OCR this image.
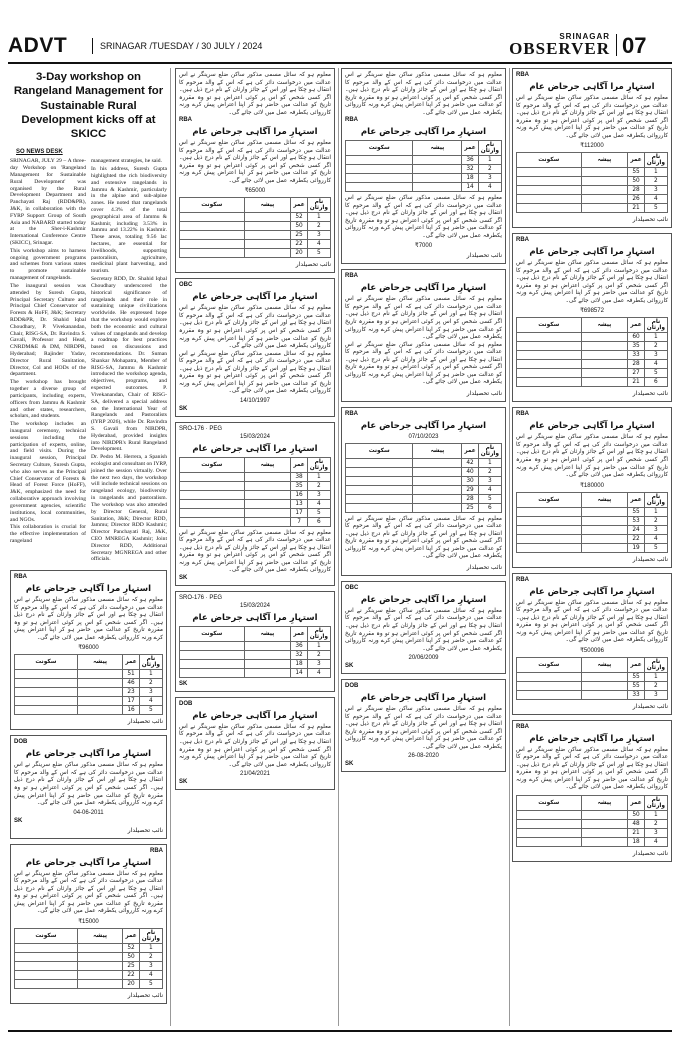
ADVT	SRINAGAR /TUESDAY / 30 JULY / 2024
SRINAGAR
OBSERVER 07
3-Day workshop on Rangeland Management for Sustainable Rural Development kicks off at SKICC
SO NEWS DESK

SRINAGAR, JULY 29 – A three-day Workshop on 'Rangeland Management for Sustainable Rural Development' was organised by the Rural Development Department and Panchayati Raj (RDD&PR), J&K, in collaboration with the FYRP Support Group of South Asia and NABARD started today at the Sher-i-Kashmir International Conference Centre (SKICC), Srinagar.

This workshop aims to harness ongoing government programs and schemes from various states to promote sustainable management of rangelands.

The inaugural session was attended by Suresh Gupta, Principal Secretary Culture and Principal Chief Conservator of Forests & HoFF, J&K; Secretary RDD&PR, Dr. Shahid Iqbal Choudhary, P. Vivekanandan, Chair, RISG-SA, Dr. Ravindra S. Gavali, Professor and Head, CNRDM&E & DM, NIRDPR, Hyderabad; Rajinder Yadav, Director Rural Sanitation, Director, Col and HODs of the department.

The workshop has brought together a diverse group of participants, including experts, officers from Jammu & Kashmir and other states, researchers, scholars, and students.

The workshop includes an inaugural ceremony, technical sessions including the participation of experts, online, and field visits. During the inaugural session, Principal Secretary Culture, Suresh Gupta, who also serves as the Principal Chief Conservator of Forests & Head of Forest Force (HoFF), J&K, emphasized the need for collaborative approach involving government agencies, scientific institutions, local communities, and NGOs.

This collaboration is crucial for the effective implementation of rangeland

management strategies, he said.

In his address, Suresh Gupta highlighted the rich biodiversity and extensive rangelands in Jammu & Kashmir, particularly in the alpine and sub-alpine zones. He noted that rangelands cover 4.3% of the total geographical area of Jammu & Kashmir, including 3.53% in Jammu and 13.22% in Kashmir. These areas, totaling 9.56 lac hectares, are essential for livelihoods, supporting pastoralism, agriculture, medicinal plant harvesting, and tourism.

Secretary RDD, Dr. Shahid Iqbal Choudhary underscored the historical significance of rangelands and their role in sustaining unique civilizations worldwide. He expressed hope that the workshop would explore both the economic and cultural values of rangelands and develop a roadmap for best practices based on discussions and recommendations. Dr. Suman Shankar Mohapatra, Member of RISG-SA, Jammu & Kashmir introduced the workshop agenda, objectives, programs, and expected outcomes. P. Vivekanandan, Chair of RISG-SA, delivered a special address on the International Year of Rangelands and Pastoralists (IYRP 2026), while Dr. Ravindra S. Gavali from NIRDPR, Hyderabad, provided insights into NIRDPR's Rural Rangeland Development.

Dr. Pedro M. Herrera, a Spanish ecologist and consultant on IYRP, joined the session virtually. Over the next two days, the workshop will include technical sessions on rangeland ecology, biodiversity in rangelands and pastoralism. The workshop was also attended by Director General, Rural Sanitation, J&K; Director RDD, Jammu; Director RDD Kashmir; Director Panchayati Raj, J&K, CEO MNREGA Kashmir; Joint Director RDD, Additional Secretary MGNREGA and other officials.

RBA
استہارِ مرا آگاہی جرحاض عام
معلوم ہو کہ سائل مسمی مذکور ساکن ضلع سرینگر نے اس عدالت میں درخواست دائر کی ہے کہ اس کے والد مرحوم کا انتقال ہو چکا ہے اور اس کے جائز وارثان کے نام درج ذیل ہیں۔ اگر کسی شخص کو اس پر کوئی اعتراض ہو تو وہ مقررہ تاریخ کو عدالت میں حاضر ہو کر اپنا اعتراض پیش کرے ورنہ کارروائی یکطرفہ عمل میں لائی جائے گی۔
₹96000
نام وارثان	عمر	پیشہ	سکونت
1	51		
2	46		
3	23		
4	17		
5	16		
نائب تحصیلدار
DOB
استہارِ مرا آگاہی جرحاض عام
معلوم ہو کہ سائل مسمی مذکور ساکن ضلع سرینگر نے اس عدالت میں درخواست دائر کی ہے کہ اس کے والد مرحوم کا انتقال ہو چکا ہے اور اس کے جائز وارثان کے نام درج ذیل ہیں۔ اگر کسی شخص کو اس پر کوئی اعتراض ہو تو وہ مقررہ تاریخ کو عدالت میں حاضر ہو کر اپنا اعتراض پیش کرے ورنہ کارروائی یکطرفہ عمل میں لائی جائے گی۔
04-06-2011
SK
نائب تحصیلدار
RBA
استہارِ مرا آگاہی جرحاض عام
معلوم ہو کہ سائل مسمی مذکور ساکن ضلع سرینگر نے اس عدالت میں درخواست دائر کی ہے کہ اس کے والد مرحوم کا انتقال ہو چکا ہے اور اس کے جائز وارثان کے نام درج ذیل ہیں۔ اگر کسی شخص کو اس پر کوئی اعتراض ہو تو وہ مقررہ تاریخ کو عدالت میں حاضر ہو کر اپنا اعتراض پیش کرے ورنہ کارروائی یکطرفہ عمل میں لائی جائے گی۔
₹15000
نام وارثان	عمر	پیشہ	سکونت
1	52		
2	50		
3	25		
4	22		
5	20		
نائب تحصیلدار
معلوم ہو کہ سائل مسمی مذکور ساکن ضلع سرینگر نے اس عدالت میں درخواست دائر کی ہے کہ اس کے والد مرحوم کا انتقال ہو چکا ہے اور اس کے جائز وارثان کے نام درج ذیل ہیں۔ اگر کسی شخص کو اس پر کوئی اعتراض ہو تو وہ مقررہ تاریخ کو عدالت میں حاضر ہو کر اپنا اعتراض پیش کرے ورنہ کارروائی یکطرفہ عمل میں لائی جائے گی۔
RBA
استہارِ مرا آگاہی جرحاض عام
معلوم ہو کہ سائل مسمی مذکور ساکن ضلع سرینگر نے اس عدالت میں درخواست دائر کی ہے کہ اس کے والد مرحوم کا انتقال ہو چکا ہے اور اس کے جائز وارثان کے نام درج ذیل ہیں۔ اگر کسی شخص کو اس پر کوئی اعتراض ہو تو وہ مقررہ تاریخ کو عدالت میں حاضر ہو کر اپنا اعتراض پیش کرے ورنہ کارروائی یکطرفہ عمل میں لائی جائے گی۔
₹65000
نام وارثان	عمر	پیشہ	سکونت
1	52		
2	50		
3	25		
4	22		
5	20		
نائب تحصیلدار
OBC
استہارِ مرا آگاہی جرحاض عام
معلوم ہو کہ سائل مسمی مذکور ساکن ضلع سرینگر نے اس عدالت میں درخواست دائر کی ہے کہ اس کے والد مرحوم کا انتقال ہو چکا ہے اور اس کے جائز وارثان کے نام درج ذیل ہیں۔ اگر کسی شخص کو اس پر کوئی اعتراض ہو تو وہ مقررہ تاریخ کو عدالت میں حاضر ہو کر اپنا اعتراض پیش کرے ورنہ کارروائی یکطرفہ عمل میں لائی جائے گی۔
معلوم ہو کہ سائل مسمی مذکور ساکن ضلع سرینگر نے اس عدالت میں درخواست دائر کی ہے کہ اس کے والد مرحوم کا انتقال ہو چکا ہے اور اس کے جائز وارثان کے نام درج ذیل ہیں۔ اگر کسی شخص کو اس پر کوئی اعتراض ہو تو وہ مقررہ تاریخ کو عدالت میں حاضر ہو کر اپنا اعتراض پیش کرے ورنہ کارروائی یکطرفہ عمل میں لائی جائے گی۔
14/10/1997
SK
SRO-176 · PEG
15/03/2024
استہارِ مرا آگاہی جرحاض عام
نام وارثان	عمر	پیشہ	سکونت
1	38		
2	35		
3	16		
4	13		
5	17		
6	7		
معلوم ہو کہ سائل مسمی مذکور ساکن ضلع سرینگر نے اس عدالت میں درخواست دائر کی ہے کہ اس کے والد مرحوم کا انتقال ہو چکا ہے اور اس کے جائز وارثان کے نام درج ذیل ہیں۔ اگر کسی شخص کو اس پر کوئی اعتراض ہو تو وہ مقررہ تاریخ کو عدالت میں حاضر ہو کر اپنا اعتراض پیش کرے ورنہ کارروائی یکطرفہ عمل میں لائی جائے گی۔
SK
SRO-176 · PEG
15/03/2024
استہارِ مرا آگاہی جرحاض عام
نام وارثان	عمر	پیشہ	سکونت
1	36		
2	32		
3	18		
4	14		
SK
DOB
استہارِ مرا آگاہی جرحاض عام
معلوم ہو کہ سائل مسمی مذکور ساکن ضلع سرینگر نے اس عدالت میں درخواست دائر کی ہے کہ اس کے والد مرحوم کا انتقال ہو چکا ہے اور اس کے جائز وارثان کے نام درج ذیل ہیں۔ اگر کسی شخص کو اس پر کوئی اعتراض ہو تو وہ مقررہ تاریخ کو عدالت میں حاضر ہو کر اپنا اعتراض پیش کرے ورنہ کارروائی یکطرفہ عمل میں لائی جائے گی۔
21/04/2021
SK
معلوم ہو کہ سائل مسمی مذکور ساکن ضلع سرینگر نے اس عدالت میں درخواست دائر کی ہے کہ اس کے والد مرحوم کا انتقال ہو چکا ہے اور اس کے جائز وارثان کے نام درج ذیل ہیں۔ اگر کسی شخص کو اس پر کوئی اعتراض ہو تو وہ مقررہ تاریخ کو عدالت میں حاضر ہو کر اپنا اعتراض پیش کرے ورنہ کارروائی یکطرفہ عمل میں لائی جائے گی۔
RBA
استہارِ مرا آگاہی جرحاض عام
نام وارثان	عمر	پیشہ	سکونت
1	36		
2	32		
3	18		
4	14		
معلوم ہو کہ سائل مسمی مذکور ساکن ضلع سرینگر نے اس عدالت میں درخواست دائر کی ہے کہ اس کے والد مرحوم کا انتقال ہو چکا ہے اور اس کے جائز وارثان کے نام درج ذیل ہیں۔ اگر کسی شخص کو اس پر کوئی اعتراض ہو تو وہ مقررہ تاریخ کو عدالت میں حاضر ہو کر اپنا اعتراض پیش کرے ورنہ کارروائی یکطرفہ عمل میں لائی جائے گی۔
₹7000
نائب تحصیلدار
RBA
استہارِ مرا آگاہی جرحاض عام
معلوم ہو کہ سائل مسمی مذکور ساکن ضلع سرینگر نے اس عدالت میں درخواست دائر کی ہے کہ اس کے والد مرحوم کا انتقال ہو چکا ہے اور اس کے جائز وارثان کے نام درج ذیل ہیں۔ اگر کسی شخص کو اس پر کوئی اعتراض ہو تو وہ مقررہ تاریخ کو عدالت میں حاضر ہو کر اپنا اعتراض پیش کرے ورنہ کارروائی یکطرفہ عمل میں لائی جائے گی۔
معلوم ہو کہ سائل مسمی مذکور ساکن ضلع سرینگر نے اس عدالت میں درخواست دائر کی ہے کہ اس کے والد مرحوم کا انتقال ہو چکا ہے اور اس کے جائز وارثان کے نام درج ذیل ہیں۔ اگر کسی شخص کو اس پر کوئی اعتراض ہو تو وہ مقررہ تاریخ کو عدالت میں حاضر ہو کر اپنا اعتراض پیش کرے ورنہ کارروائی یکطرفہ عمل میں لائی جائے گی۔
نائب تحصیلدار
RBA
استہارِ مرا آگاہی جرحاض عام
07/10/2023
نام وارثان	عمر	پیشہ	سکونت
1	42		
2	40		
3	30		
4	29		
5	28		
6	25		
معلوم ہو کہ سائل مسمی مذکور ساکن ضلع سرینگر نے اس عدالت میں درخواست دائر کی ہے کہ اس کے والد مرحوم کا انتقال ہو چکا ہے اور اس کے جائز وارثان کے نام درج ذیل ہیں۔ اگر کسی شخص کو اس پر کوئی اعتراض ہو تو وہ مقررہ تاریخ کو عدالت میں حاضر ہو کر اپنا اعتراض پیش کرے ورنہ کارروائی یکطرفہ عمل میں لائی جائے گی۔
نائب تحصیلدار
OBC
استہارِ مرا آگاہی جرحاض عام
معلوم ہو کہ سائل مسمی مذکور ساکن ضلع سرینگر نے اس عدالت میں درخواست دائر کی ہے کہ اس کے والد مرحوم کا انتقال ہو چکا ہے اور اس کے جائز وارثان کے نام درج ذیل ہیں۔ اگر کسی شخص کو اس پر کوئی اعتراض ہو تو وہ مقررہ تاریخ کو عدالت میں حاضر ہو کر اپنا اعتراض پیش کرے ورنہ کارروائی یکطرفہ عمل میں لائی جائے گی۔
20/06/2009
SK
DOB
استہارِ مرا آگاہی جرحاض عام
معلوم ہو کہ سائل مسمی مذکور ساکن ضلع سرینگر نے اس عدالت میں درخواست دائر کی ہے کہ اس کے والد مرحوم کا انتقال ہو چکا ہے اور اس کے جائز وارثان کے نام درج ذیل ہیں۔ اگر کسی شخص کو اس پر کوئی اعتراض ہو تو وہ مقررہ تاریخ کو عدالت میں حاضر ہو کر اپنا اعتراض پیش کرے ورنہ کارروائی یکطرفہ عمل میں لائی جائے گی۔
26-08-2020
SK
RBA
استہارِ مرا آگاہی جرحاض عام
معلوم ہو کہ سائل مسمی مذکور ساکن ضلع سرینگر نے اس عدالت میں درخواست دائر کی ہے کہ اس کے والد مرحوم کا انتقال ہو چکا ہے اور اس کے جائز وارثان کے نام درج ذیل ہیں۔ اگر کسی شخص کو اس پر کوئی اعتراض ہو تو وہ مقررہ تاریخ کو عدالت میں حاضر ہو کر اپنا اعتراض پیش کرے ورنہ کارروائی یکطرفہ عمل میں لائی جائے گی۔
₹112000
نام وارثان	عمر	پیشہ	سکونت
1	55		
2	50		
3	28		
4	26		
5	21		
نائب تحصیلدار
RBA
استہارِ مرا آگاہی جرحاض عام
معلوم ہو کہ سائل مسمی مذکور ساکن ضلع سرینگر نے اس عدالت میں درخواست دائر کی ہے کہ اس کے والد مرحوم کا انتقال ہو چکا ہے اور اس کے جائز وارثان کے نام درج ذیل ہیں۔ اگر کسی شخص کو اس پر کوئی اعتراض ہو تو وہ مقررہ تاریخ کو عدالت میں حاضر ہو کر اپنا اعتراض پیش کرے ورنہ کارروائی یکطرفہ عمل میں لائی جائے گی۔
₹698572
نام وارثان	عمر	پیشہ	سکونت
1	60		
2	35		
3	33		
4	28		
5	27		
6	21		
نائب تحصیلدار
RBA
استہارِ مرا آگاہی جرحاض عام
معلوم ہو کہ سائل مسمی مذکور ساکن ضلع سرینگر نے اس عدالت میں درخواست دائر کی ہے کہ اس کے والد مرحوم کا انتقال ہو چکا ہے اور اس کے جائز وارثان کے نام درج ذیل ہیں۔ اگر کسی شخص کو اس پر کوئی اعتراض ہو تو وہ مقررہ تاریخ کو عدالت میں حاضر ہو کر اپنا اعتراض پیش کرے ورنہ کارروائی یکطرفہ عمل میں لائی جائے گی۔
₹180000
نام وارثان	عمر	پیشہ	سکونت
1	55		
2	53		
3	24		
4	22		
5	19		
نائب تحصیلدار
RBA
استہارِ مرا آگاہی جرحاض عام
معلوم ہو کہ سائل مسمی مذکور ساکن ضلع سرینگر نے اس عدالت میں درخواست دائر کی ہے کہ اس کے والد مرحوم کا انتقال ہو چکا ہے اور اس کے جائز وارثان کے نام درج ذیل ہیں۔ اگر کسی شخص کو اس پر کوئی اعتراض ہو تو وہ مقررہ تاریخ کو عدالت میں حاضر ہو کر اپنا اعتراض پیش کرے ورنہ کارروائی یکطرفہ عمل میں لائی جائے گی۔
₹500096
نام وارثان	عمر	پیشہ	سکونت
1	55		
2	55		
3	33		
نائب تحصیلدار
RBA
استہارِ مرا آگاہی جرحاض عام
معلوم ہو کہ سائل مسمی مذکور ساکن ضلع سرینگر نے اس عدالت میں درخواست دائر کی ہے کہ اس کے والد مرحوم کا انتقال ہو چکا ہے اور اس کے جائز وارثان کے نام درج ذیل ہیں۔ اگر کسی شخص کو اس پر کوئی اعتراض ہو تو وہ مقررہ تاریخ کو عدالت میں حاضر ہو کر اپنا اعتراض پیش کرے ورنہ کارروائی یکطرفہ عمل میں لائی جائے گی۔
نام وارثان	عمر	پیشہ	سکونت
1	50		
2	48		
3	21		
4	18		
نائب تحصیلدار
